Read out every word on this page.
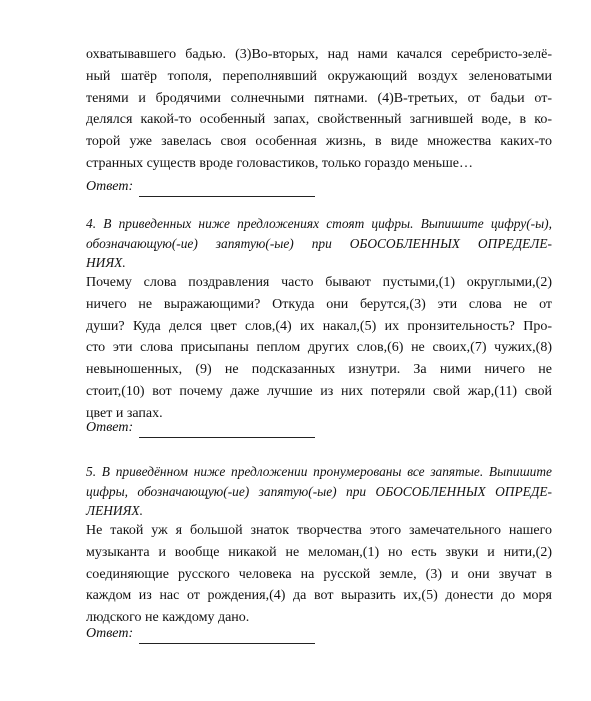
охватывавшего бадью. (3)Во-вторых, над нами качался серебристо-зелё-
ный шатёр тополя, переполнявший окружающий воздух зеленоватыми
тенями и бродячими солнечными пятнами. (4)В-третьих, от бадьи от-
делялся какой-то особенный запах, свойственный загнившей воде, в ко-
торой уже завелась своя особенная жизнь, в виде множества каких-то
странных существ вроде головастиков, только гораздо меньше…
Ответ:
4. В приведенных ниже предложениях стоят цифры. Выпишите цифру(-ы),
обозначающую(-ие) запятую(-ые) при ОБОСОБЛЕННЫХ ОПРЕДЕЛЕ-
НИЯХ.
Почему слова поздравления часто бывают пустыми,(1) округлыми,(2)
ничего не выражающими? Откуда они берутся,(3) эти слова не от
души? Куда делся цвет слов,(4) их накал,(5) их пронзительность? Про-
сто эти слова присыпаны пеплом других слов,(6) не своих,(7) чужих,(8)
невыношенных, (9) не подсказанных изнутри. За ними ничего не
стоит,(10) вот почему даже лучшие из них потеряли свой жар,(11) свой
цвет и запах.
Ответ:
5. В приведённом ниже предложении пронумерованы все запятые. Выпишите
цифры, обозначающую(-ие) запятую(-ые) при ОБОСОБЛЕННЫХ ОПРЕДЕ-
ЛЕНИЯХ.
Не такой уж я большой знаток творчества этого замечательного нашего
музыканта и вообще никакой не меломан,(1) но есть звуки и нити,(2)
соединяющие русского человека на русской земле, (3) и они звучат в
каждом из нас от рождения,(4) да вот выразить их,(5) донести до моря
людского не каждому дано.
Ответ:
